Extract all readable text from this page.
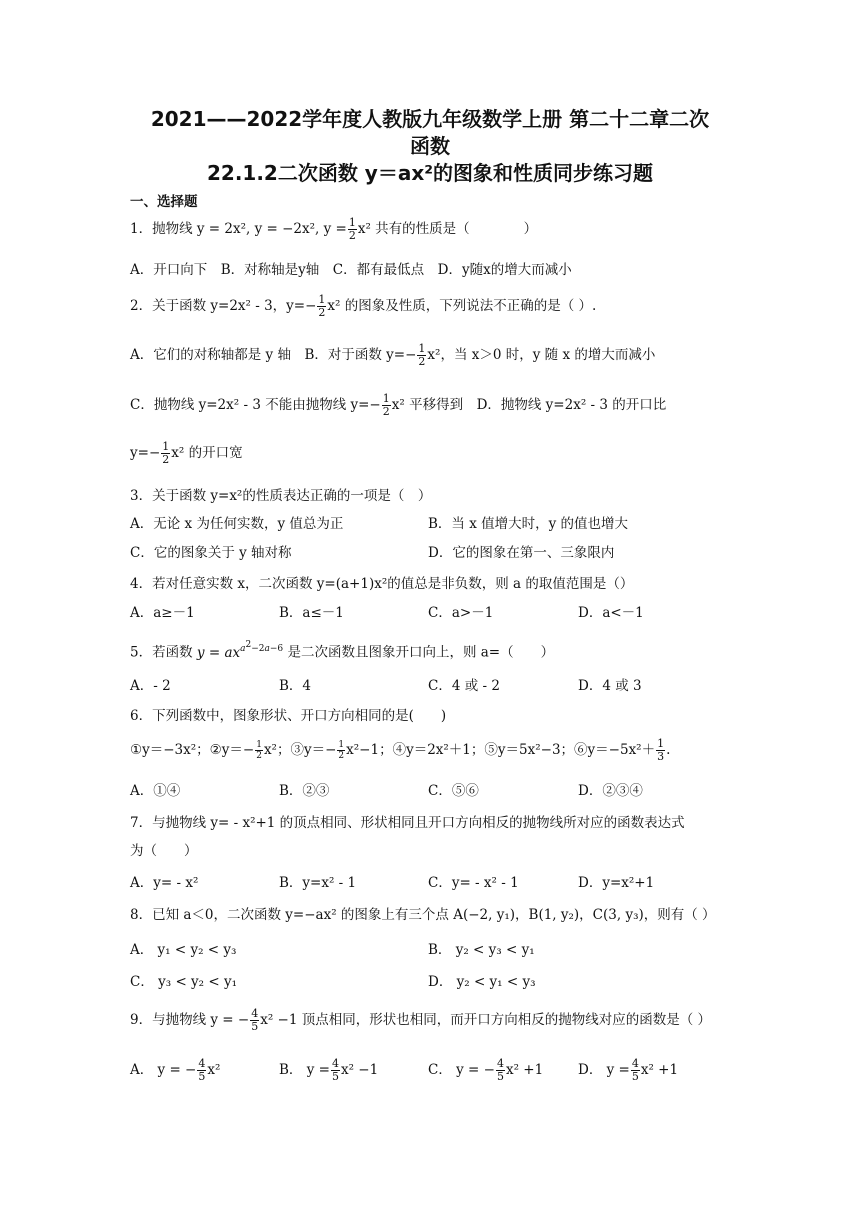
2021——2022学年度人教版九年级数学上册 第二十二章二次
函数
22.1.2二次函数 y＝ax²的图象和性质同步练习题
一、选择题
1．抛物线 y = 2x², y = −2x², $y = \frac{1}{2} x^2$ 共有的性质是（　　　　）
A．开口向下　B．对称轴是y轴　C．都有最低点　D．y随x的增大而减小
2．关于函数 y=2x² - 3，$y=- \frac{1}{2} x^2$ 的图象及性质，下列说法不正确的是（ ）.
A．它们的对称轴都是 y 轴　B．对于函数 $y=- \frac{1}{2} x^2$，当 x＞0 时，y 随 x 的增大而减小
C．抛物线 y=2x² - 3 不能由抛物线 $y=- \frac{1}{2} x^2$ 平移得到　D．抛物线 y=2x² - 3 的开口比
$y=- \frac{1}{2} x^2$ 的开口宽
3．关于函数 y=x²的性质表达正确的一项是（　）
A．无论 x 为任何实数，y 值总为正	B．当 x 值增大时，y 的值也增大
C．它的图象关于 y 轴对称	D．它的图象在第一、三象限内
4．若对任意实数 x，二次函数 y=(a+1)x²的值总是非负数，则 a 的取值范围是（）
A．a≥－1	B．a≤－1	C．a>－1	D．a<－1
5．若函数 $y = ax^{a^2-2a-6}$ 是二次函数且图象开口向上，则 a=（　　）
A．- 2	B．4	C．4 或 - 2	D．4 或 3
6．下列函数中，图象形状、开口方向相同的是(　　)
①y＝−3x²；②y＝− $\frac{1}{2} x^2$；③y＝− $\frac{1}{2} x^2-1$；④y＝2x²＋1；⑤y＝5x²−3；⑥y＝−5x²＋ $\frac{1}{3}$ .
A．①④	B．②③	C．⑤⑥	D．②③④
7．与抛物线 y= - x²+1 的顶点相同、形状相同且开口方向相反的抛物线所对应的函数表达式
为（　　）
A．y= - x²	B．y=x² - 1	C．y= - x² - 1	D．y=x²+1
8．已知 a＜0，二次函数 y=−ax² 的图象上有三个点 A(−2, y₁)，B(1, y₂)，C(3, y₃)，则有（ ）
A． y₁ < y₂ < y₃	B． y₂ < y₃ < y₁
C． y₃ < y₂ < y₁	D． y₂ < y₁ < y₃
9．与抛物线 y = − $\frac{4}{5} x^2 -1$ 顶点相同，形状也相同，而开口方向相反的抛物线对应的函数是（ ）
A． y = − $\frac{4}{5} x^2$	B． $y = \frac{4}{5} x^2 -1$	C． y = − $\frac{4}{5} x^2 +1$	D． $y = \frac{4}{5} x^2 +1$
